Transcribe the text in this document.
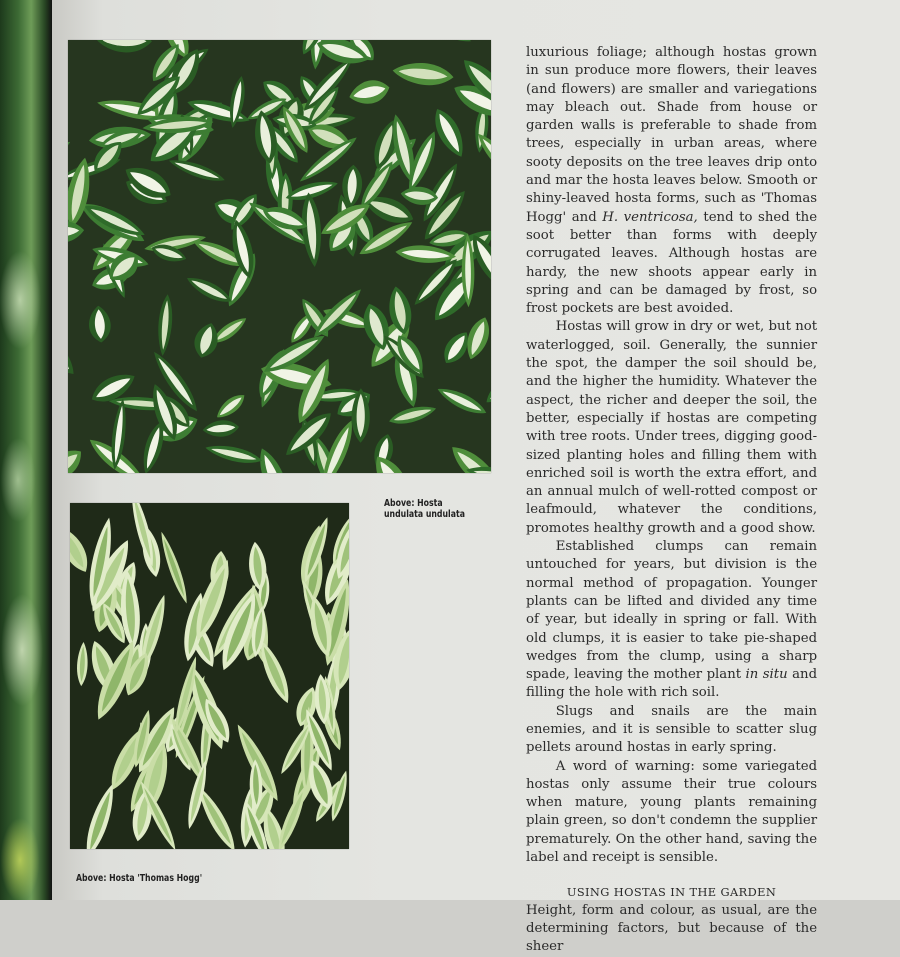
Above: Hosta undulata undulata
Above: Hosta 'Thomas Hogg'

luxurious foliage; although hostas grown in sun produce more flowers, their leaves (and flowers) are smaller and variegations may bleach out. Shade from house or garden walls is preferable to shade from trees, especially in urban areas, where sooty deposits on the tree leaves drip onto and mar the hosta leaves below. Smooth or shiny-leaved hosta forms, such as 'Thomas Hogg' and H. ventricosa, tend to shed the soot better than forms with deeply corrugated leaves. Although hostas are hardy, the new shoots appear early in spring and can be damaged by frost, so frost pockets are best avoided.

Hostas will grow in dry or wet, but not waterlogged, soil. Generally, the sunnier the spot, the damper the soil should be, and the higher the humidity. Whatever the aspect, the richer and deeper the soil, the better, especially if hostas are competing with tree roots. Under trees, digging good-sized planting holes and filling them with enriched soil is worth the extra effort, and an annual mulch of well-rotted compost or leafmould, whatever the conditions, promotes healthy growth and a good show.

Established clumps can remain untouched for years, but division is the normal method of propagation. Younger plants can be lifted and divided any time of year, but ideally in spring or fall. With old clumps, it is easier to take pie-shaped wedges from the clump, using a sharp spade, leaving the mother plant in situ and filling the hole with rich soil.

Slugs and snails are the main enemies, and it is sensible to scatter slug pellets around hostas in early spring.

A word of warning: some variegated hostas only assume their true colours when mature, young plants remaining plain green, so don't condemn the supplier prematurely. On the other hand, saving the label and receipt is sensible.

USING HOSTAS IN THE GARDEN

Height, form and colour, as usual, are the determining factors, but because of the sheer
